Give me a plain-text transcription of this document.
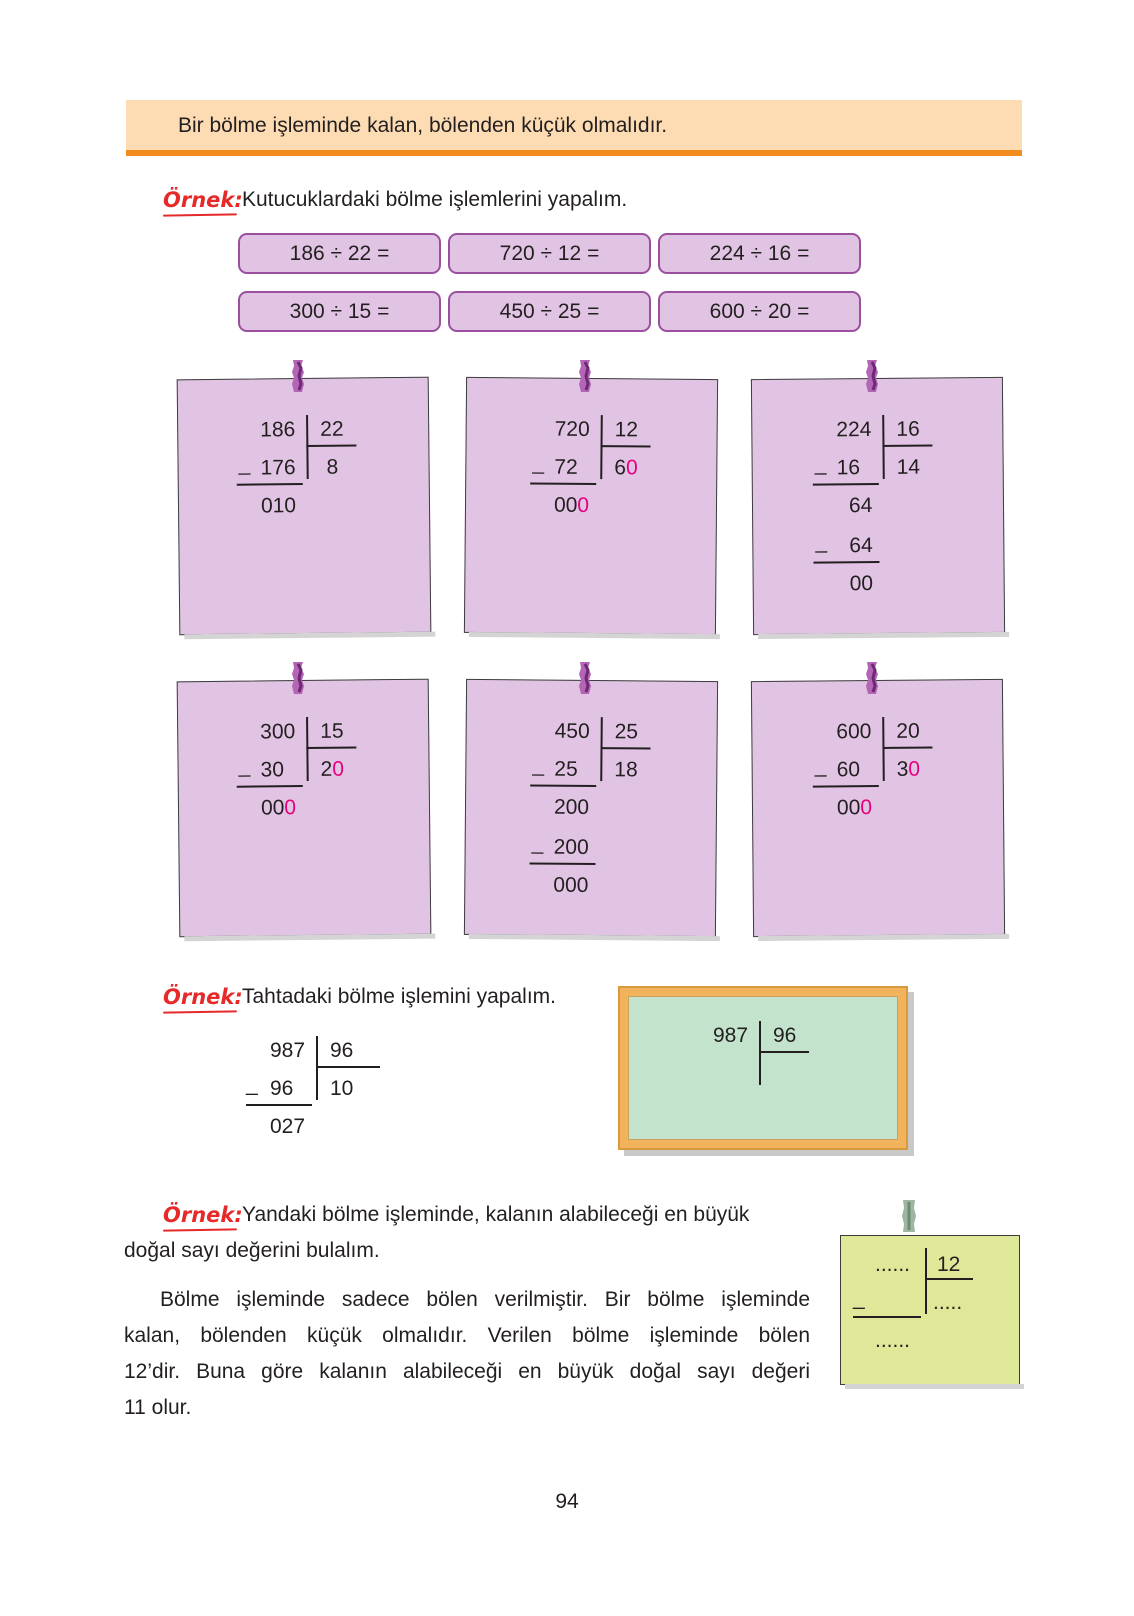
Bir bölme işleminde kalan, bölenden küçük olmalıdır.
Örnek: Kutucuklardaki bölme işlemlerini yapalım.
186 ÷ 22 =	720 ÷ 12 =	224 ÷ 16 =
300 ÷ 15 =	450 ÷ 25 =	600 ÷ 20 =
186 22
_ 176 8
010
720 12
_ 72 60
000
224 16
_ 16 14
64
_ 64
00
300 15
_ 30 20
000
450 25
_ 25 18
200
_ 200
000
600 20
_ 60 30
000
Örnek: Tahtadaki bölme işlemini yapalım.
987 96
_ 96 10
027
987 96
Örnek: Yandaki bölme işleminde, kalanın alabileceği en büyük
doğal sayı değerini bulalım.
Bölme işleminde sadece bölen verilmiştir. Bir bölme işleminde
kalan, bölenden küçük olmalıdır. Verilen bölme işleminde bölen
12’dir. Buna göre kalanın alabileceği en büyük doğal sayı değeri
11 olur.
...... 12
_	.....
......
94
